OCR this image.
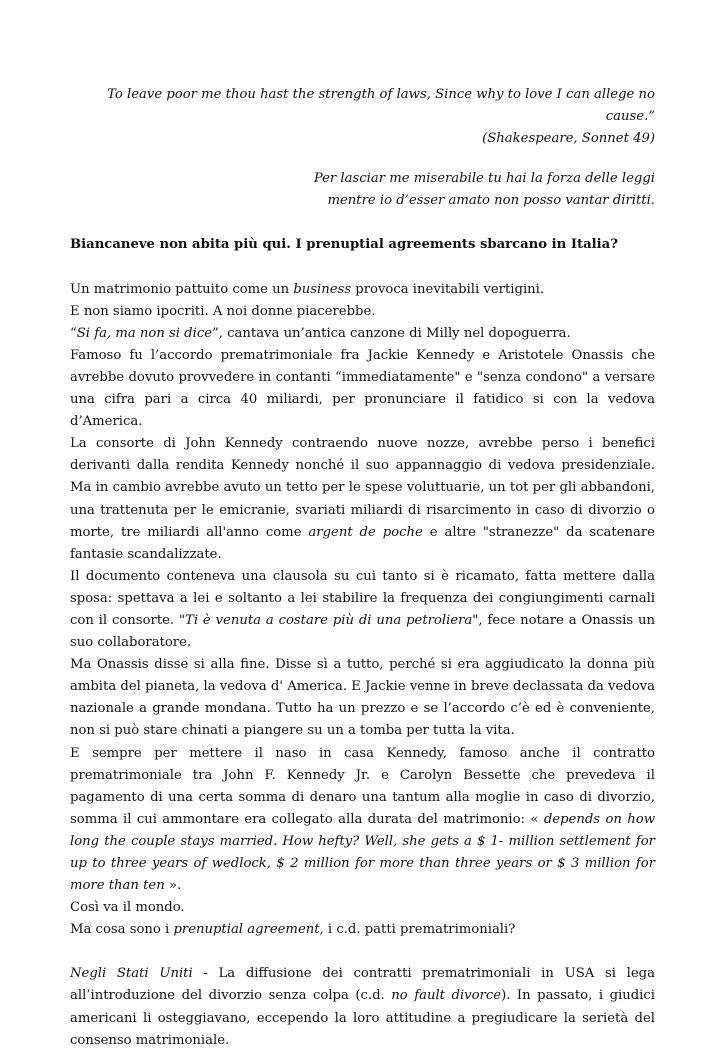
To leave poor me thou hast the strength of laws, Since why to love I can allege no cause.”

(Shakespeare, Sonnet 49)

Per lasciar me miserabile tu hai la forza delle leggi

mentre io d’esser amato non posso vantar diritti.

Biancaneve non abita più qui. I prenuptial agreements sbarcano in Italia?

Un matrimonio pattuito come un business provoca inevitabili vertigini.

E non siamo ipocriti. A noi donne piacerebbe.

“Si fa, ma non si dice”, cantava un’antica canzone di Milly nel dopoguerra.

Famoso fu l’accordo prematrimoniale fra Jackie Kennedy e Aristotele Onassis che avrebbe dovuto provvedere in contanti “immediatamente" e "senza condono" a versare una cifra pari a circa 40 miliardi, per pronunciare il fatidico si con la vedova d’America.

La consorte di John Kennedy contraendo nuove nozze, avrebbe perso i benefici derivanti dalla rendita Kennedy nonché il suo appannaggio di vedova presidenziale. Ma in cambio avrebbe avuto un tetto per le spese voluttuarie, un tot per gli abbandoni, una trattenuta per le emicranie, svariati miliardi di risarcimento in caso di divorzio o morte, tre miliardi all'anno come argent de poche e altre "stranezze" da scatenare fantasie scandalizzate.

Il documento conteneva una clausola su cui tanto si è ricamato, fatta mettere dalla sposa: spettava a lei e soltanto a lei stabilire la frequenza dei congiungimenti carnali con il consorte. "Ti è venuta a costare più di una petroliera", fece notare a Onassis un suo collaboratore.

Ma Onassis disse si alla fine. Disse sì a tutto, perché si era aggiudicato la donna più ambita del pianeta, la vedova d' America. E Jackie venne in breve declassata da vedova nazionale a grande mondana. Tutto ha un prezzo e se l’accordo c’è ed è conveniente, non si può stare chinati a piangere su un a tomba per tutta la vita.

E sempre per mettere il naso in casa Kennedy, famoso anche il contratto prematrimoniale tra John F. Kennedy Jr. e Carolyn Bessette che prevedeva il pagamento di una certa somma di denaro una tantum alla moglie in caso di divorzio, somma il cui ammontare era collegato alla durata del matrimonio: « depends on how long the couple stays married. How hefty? Well, she gets a $ 1- million settlement for up to three years of wedlock, $ 2 million for more than three years or $ 3 million for more than ten ».

Così va il mondo.

Ma cosa sono i prenuptial agreement, i c.d. patti prematrimoniali?

Negli Stati Uniti - La diffusione dei contratti prematrimoniali in USA si lega all’introduzione del divorzio senza colpa (c.d. no fault divorce). In passato, i giudici americani li osteggiavano, eccependo la loro attitudine a pregiudicare la serietà del consenso matrimoniale.
